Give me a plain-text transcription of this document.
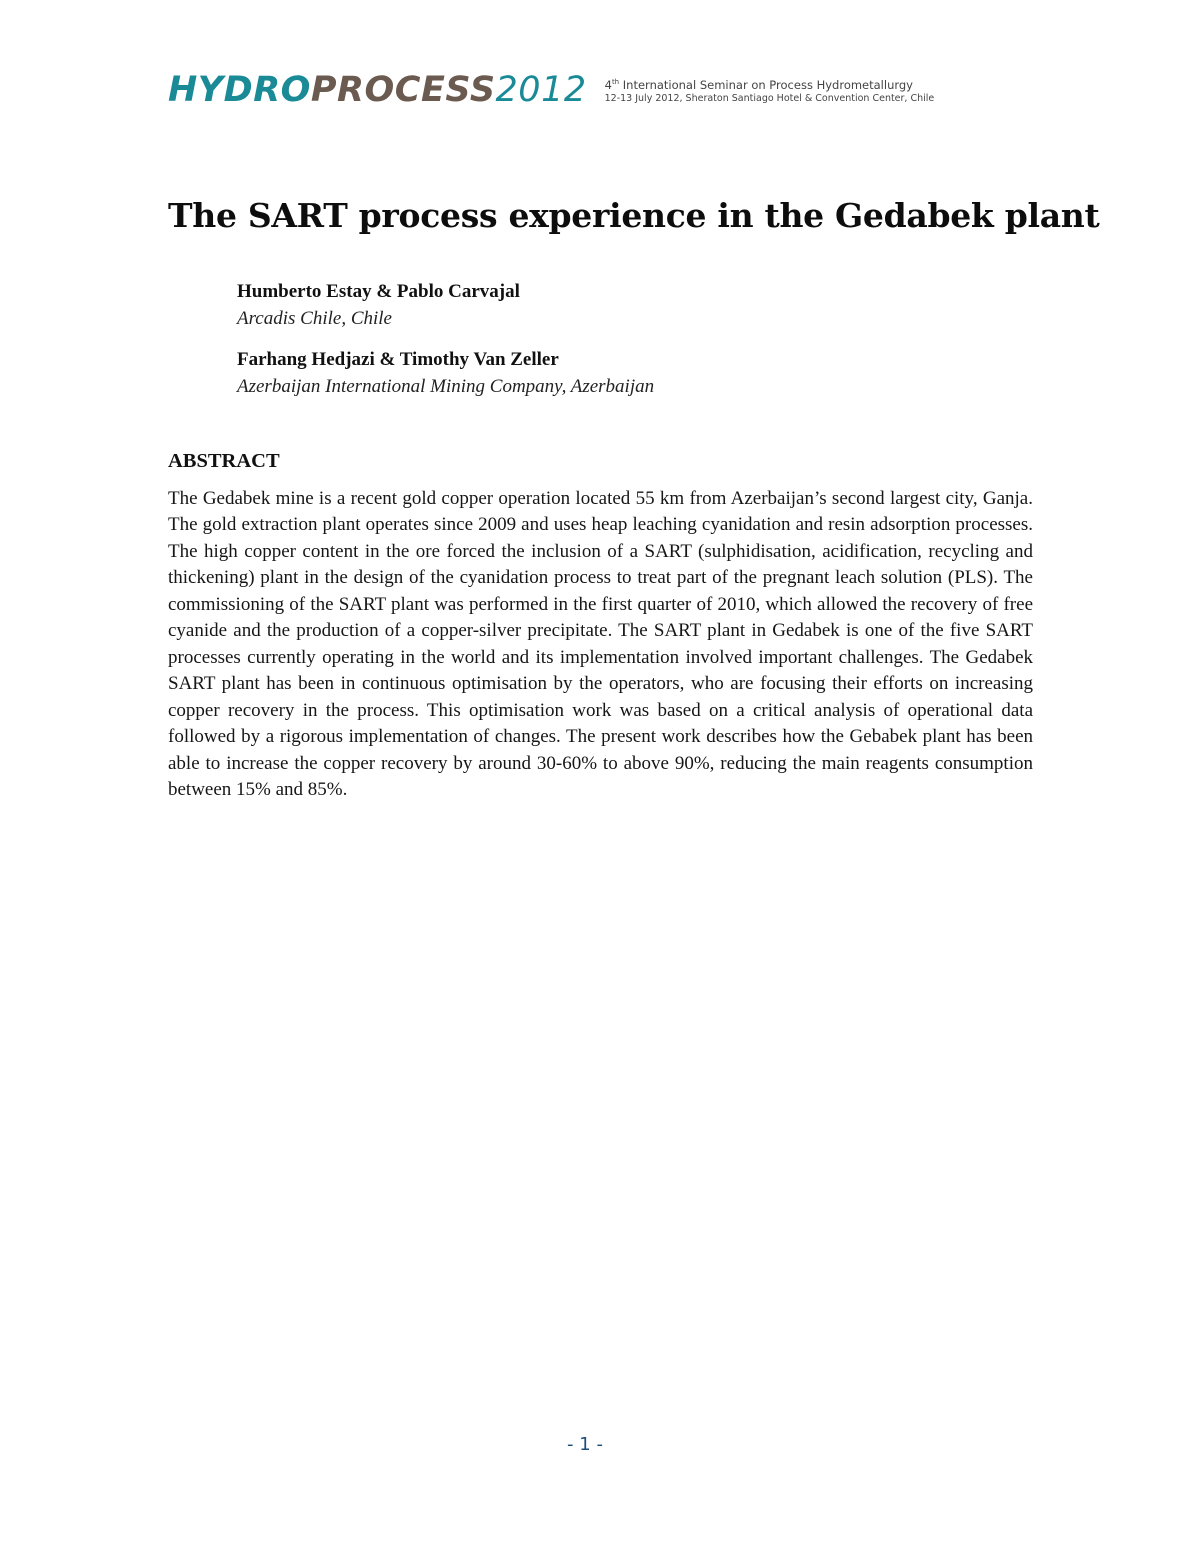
HYDROPROCESS2012 4th International Seminar on Process Hydrometallurgy
12-13 July 2012, Sheraton Santiago Hotel & Convention Center, Chile
The SART process experience in the Gedabek plant
Humberto Estay & Pablo Carvajal
Arcadis Chile, Chile
Farhang Hedjazi & Timothy Van Zeller
Azerbaijan International Mining Company, Azerbaijan
ABSTRACT

The Gedabek mine is a recent gold copper operation located 55 km from Azerbaijan’s second largest city, Ganja. The gold extraction plant operates since 2009 and uses heap leaching cyanidation and resin adsorption processes. The high copper content in the ore forced the inclusion of a SART (sulphidisation, acidification, recycling and thickening) plant in the design of the cyanidation process to treat part of the pregnant leach solution (PLS). The commissioning of the SART plant was performed in the first quarter of 2010, which allowed the recovery of free cyanide and the production of a copper-silver precipitate. The SART plant in Gedabek is one of the five SART processes currently operating in the world and its implementation involved important challenges. The Gedabek SART plant has been in continuous optimisation by the operators, who are focusing their efforts on increasing copper recovery in the process. This optimisation work was based on a critical analysis of operational data followed by a rigorous implementation of changes. The present work describes how the Gebabek plant has been able to increase the copper recovery by around 30-60% to above 90%, reducing the main reagents consumption between 15% and 85%.

- 1 -
